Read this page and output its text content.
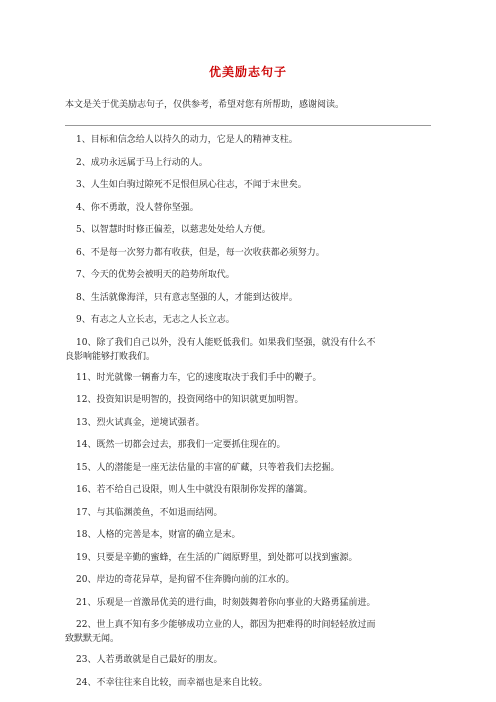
优美励志句子
本文是关于优美励志句子，仅供参考，希望对您有所帮助，感谢阅读。
1、目标和信念给人以持久的动力，它是人的精神支柱。
2、成功永远属于马上行动的人。
3、人生如白驹过隙死不足恨但夙心往志，不闻于末世矣。
4、你不勇敢，没人替你坚强。
5、以智慧时时修正偏差，以慈悲处处给人方便。
6、不是每一次努力都有收获，但是，每一次收获都必须努力。
7、今天的优势会被明天的趋势所取代。
8、生活就像海洋，只有意志坚强的人，才能到达彼岸。
9、有志之人立长志，无志之人长立志。
10、除了我们自己以外，没有人能贬低我们。如果我们坚强，就没有什么不
良影响能够打败我们。
11、时光就像一辆畜力车，它的速度取决于我们手中的鞭子。
12、投资知识是明智的，投资网络中的知识就更加明智。
13、烈火试真金，逆境试强者。
14、既然一切都会过去，那我们一定要抓住现在的。
15、人的潜能是一座无法估量的丰富的矿藏，只等着我们去挖掘。
16、若不给自己设限，则人生中就没有限制你发挥的藩篱。
17、与其临渊羡鱼，不如退而结网。
18、人格的完善是本，财富的确立是末。
19、只要是辛勤的蜜蜂，在生活的广阔原野里，到处都可以找到蜜源。
20、岸边的奇花异草，是拘留不住奔腾向前的江水的。
21、乐观是一首激昂优美的进行曲，时刻鼓舞着你向事业的大路勇猛前进。
22、世上真不知有多少能够成功立业的人，都因为把难得的时间轻轻放过而
致默默无闻。
23、人若勇敢就是自己最好的朋友。
24、不幸往往来自比较，而幸福也是来自比较。
